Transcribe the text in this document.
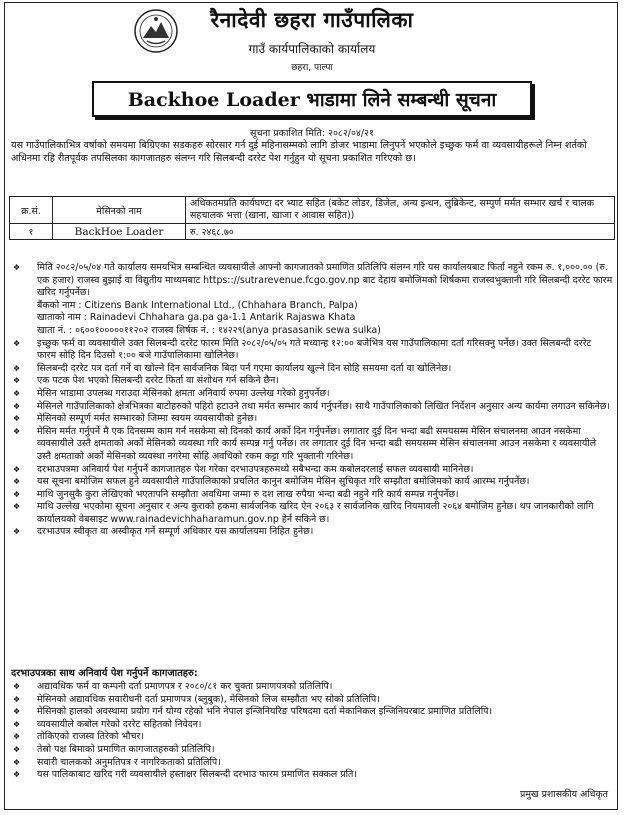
रैनादेवी छहरा गाउँपालिका
गाउँ कार्यपालिकाको कार्यालय
छहरा, पाल्पा
Backhoe Loader भाडामा लिने सम्बन्धी सूचना
सूचना प्रकाशित मिति: २०८२/०४/२१
यस गाउँपालिकाभित्र वर्षाको समयमा बिग्रिएका सडकहरु सोरसार गर्न दुई महिनासम्मको लागि डोजर भाडामा लिनुपर्ने भएकोले इच्छुक फर्म वा व्यवसायीहरूले निम्न शर्तको अधिनमा रहि रीतपूर्वक तपसिलका कागजातहरु संलग्न गरि सिलबन्दी दररेट पेश गर्नुहुन यो सूचना प्रकाशित गरिएको छ।
क्र.सं.	मेसिनको नाम	अधिकतमप्रति कार्यघण्टा दर भ्याट सहित (बकेट लोडर, डिजेल, अन्य इन्धन, लुब्रिकेन्ट, सम्पुर्ण मर्मत सम्भार खर्च र चालक सहचालक भत्ता (खाना, खाजा र आवास सहित))
१	BackHoe Loader	रु. २४६८.७०
❖	मिति २०८२/०५/०४ गते कार्यालय समयभित्र सम्बन्धित व्यवसायीले आफ्नो कागजातको प्रमाणित प्रतिलिपि संलग्न गरि यस कार्यालयबाट फिर्ता नहुने रकम रु. १,०००.०० (रु. एक हजार) राजस्व बुझाई वा विद्युतीय माध्यमबाट https:://sutrarevenue.fcgo.gov.np बाट देहाय बमोजिमको शिर्षकमा राजस्वभुक्तानी गरि सिलबन्दी दररेट फारम खरिद गर्नुपर्नेछ।
बैंकको नाम : Citizens Bank International Ltd., (Chhahara Branch, Palpa)
खाताको नाम : Rainadevi Chhahara ga.pa ga-1.1 Antarik Rajaswa Khata
खाता नं. : ०६००१०००००११२०२ राजस्व शिर्षक नं. : १४२२९(anya prasasanik sewa sulka)
❖	इच्छुक फर्म वा व्यवसायीले उक्त सिलबन्दी दररेट फारम मिति २०८२/०५/०५ गते मध्यान्ह १२:०० बजेभित्र यस गाउँपालिकामा दर्ता गरिसक्नु पर्नेछ। उक्त सिलबन्दी दररेट फारम सोहि दिन दिउसो १:०० बजे गाउँपालिकामा खोलिनेछ।
❖	सिलबन्दी दररेट पत्र दर्ता गर्ने वा खोल्ने दिन सार्वजनिक बिदा पर्न गएमा कार्यालय खुल्ने दिन सोहि समयमा दर्ता वा खोलिनेछ।
❖	एक पटक पेश भएको सिलबन्दी दररेट फिर्ता वा संशोधन गर्न सकिने छैन।
❖	मेसिन भाडामा उपलब्ध गराउदा मेसिनको क्षमता अनिवार्य रुपमा उल्लेख गरेको हुनुपर्नेछ।
❖	मेसिनले गाउँपालिकाको क्षेत्रभित्रका बाटोहरुको पहिरो हटाउने तथा मर्मत सम्भार कार्य गर्नुपर्नेछ। साथै गाउँपालिकाको लिखित निर्देशन अनुसार अन्य कार्यमा लगाउन सकिनेछ।
❖	मेसिनको सम्पूर्ण मर्मत सम्भारको जिम्मा स्वयम व्यवसायीको हुनेछ।
❖	मेसिन मर्मत गर्नुपर्ने मै एक दिनसम्म काम गर्न नसकेमा सो दिनको कार्य अर्को दिन गर्नुपर्नेछ। लगातार दुई दिन भन्दा बढी समयसम्म मेसिन संचालनमा आउन नसकेमा व्यवसायीले उस्तै क्षमताको अर्को मेसिनको व्यवस्था गरि कार्य सम्पन्न गर्नु पर्नेछ। तर लगातार दुई दिन भन्दा बढी समयसम्म मेसिन संचालनमा आउन नसकेमा र व्यवसायीले उस्तै क्षमताको अर्को मेसिनको व्यवस्था नगरेमा सोहि अवधिको रकम कट्टा गरि भुक्तानी गरिनेछ।
❖	दरभाउपत्रमा अनिवार्य पेश गर्नुपर्ने कागजातहरु पेश गरेका दरभाउपत्रहरुमध्ये सबैभन्दा कम कबोलदरलाई सफल व्यवसायी मानिनेछ।
❖	यस सूचना बमोजिम सफल हुने व्यवसायीले गाउँपालिकाको प्रचलित कानुन बमोजिम मेसिन सुचिकृत गरि सम्झौता बमोजिमको कार्य आरम्भ गर्नुपर्नेछ।
❖	माथि जुनसुकै कुरा लेखिएको भएतापनि सम्झौता अवधिमा जम्मा रु दश लाख रुपैया भन्दा बढी नहुने गरि कार्य सम्पन्न गर्नुपर्नेछ।
❖	माथि उल्लेख भएकोमा सूचना अनुसार र अन्य कुराको हकमा सार्वजनिक खरिद ऐन २०६३ र सार्वजनिक खरिद नियमावली २०६४ बमोजिम हुनेछ। थप जानकारीको लागि कार्यालयको वेबसाइट www.rainadevichhaharamun.gov.np हेर्न सकिने छ।
❖	दरभाउपत्र स्वीकृत वा अस्वीकृत गर्ने सम्पूर्ण अधिकार यस कार्यालयमा निहित हुनेछ।
दरभाउपत्रका साथ अनिवार्य पेश गर्नुपर्ने कागजातहरु:
❖	अद्यावधिक फर्म वा कम्पनी दर्ता प्रमाणपत्र र २०८०/८१ कर चुक्ता प्रमाणपत्रको प्रतिलिपि।
❖	मेसिनको अद्यावधिक सवारीधनी दर्ता प्रमाणपत्र (ब्लुबुक), मेसिनको लिज सम्झौता भए सोको प्रतिलिपि।
❖	मेसिनको हालको अवस्थामा प्रयोग गर्न योग्य रहेको भनि नेपाल इन्जिनियरिङ परिषदमा दर्ता मेकानिकल इन्जिनियरबाट प्रमाणित प्रतिलिपि।
❖	व्यवसायीले कबोल गरेको दररेट सहितको निवेदन।
❖	तोकिएको राजस्व तिरेको भौचर।
❖	तेस्रो पक्ष बिमाको प्रमाणित कागजातहरुको प्रतिलिपि।
❖	सवारी चालकको अनुमतिपत्र र नागरिकताको प्रतिलिपि।
❖	यस पालिकाबाट खरिद गरी व्यवसायीले हस्ताक्षर सिलबन्दी दरभाउ फारम प्रमाणित सक्कल प्रति।
प्रमुख प्रशासकीय अधिकृत
